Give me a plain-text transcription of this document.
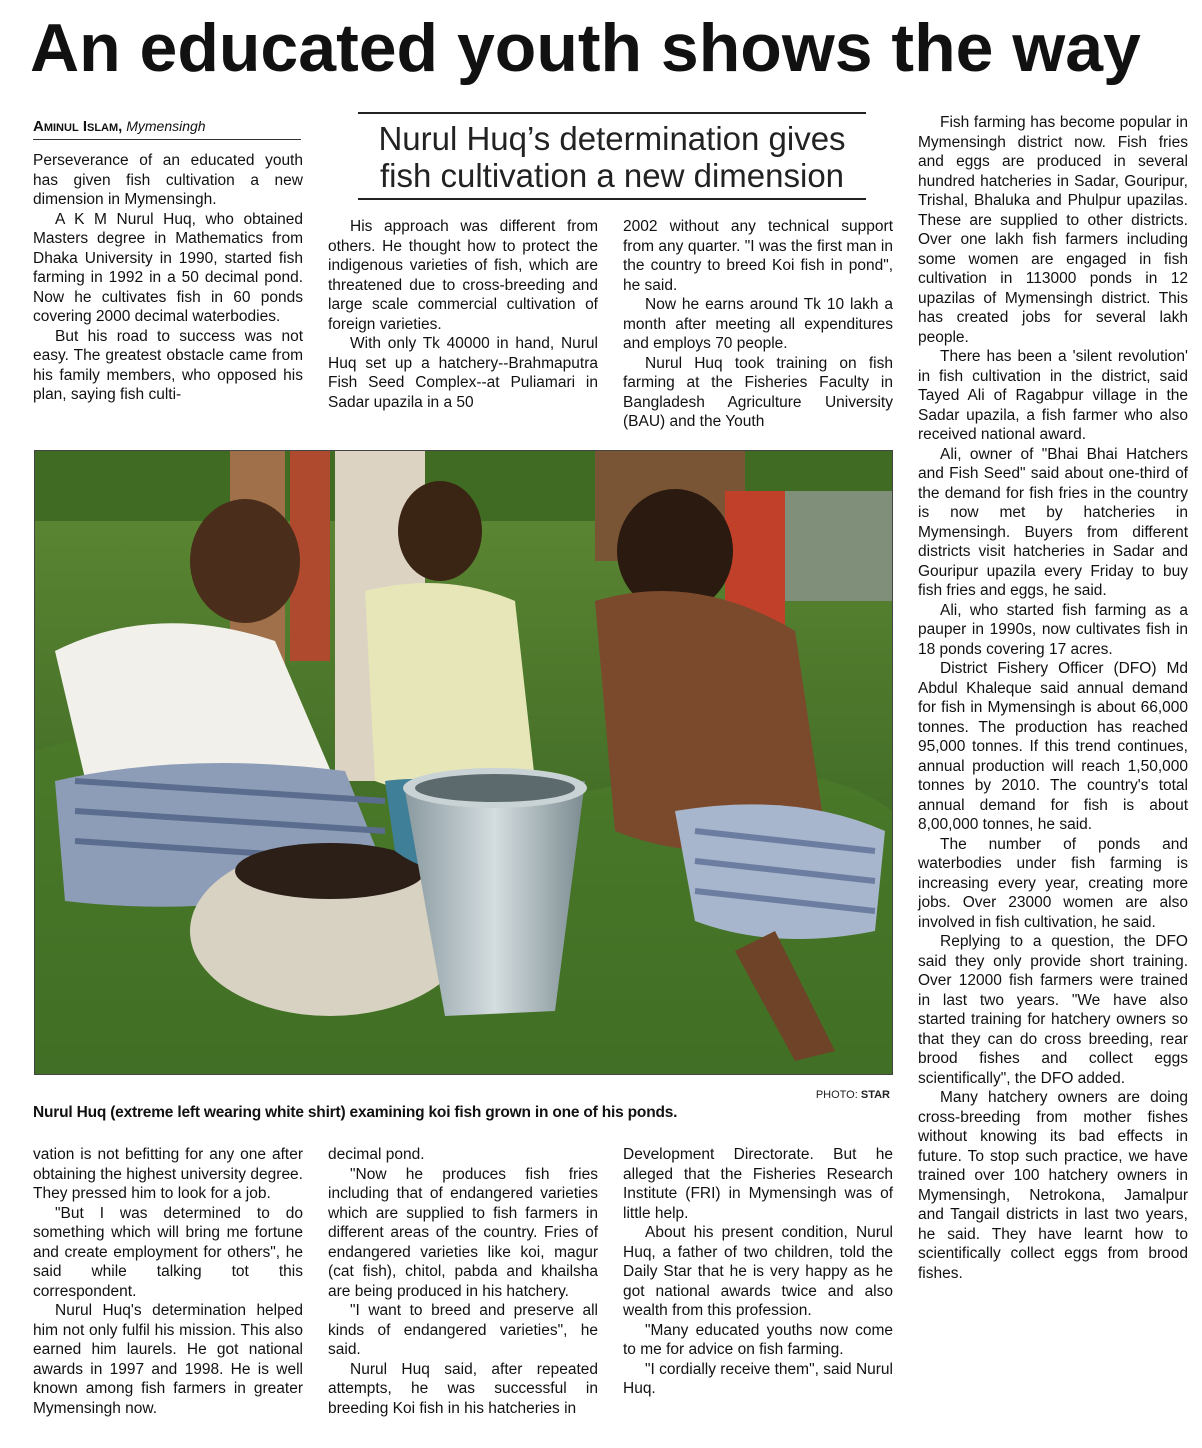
An educated youth shows the way
Aminul Islam, Mymensingh	Nurul Huq’s determination gives fish cultivation a new dimension

Perseverance of an educated youth has given fish cultivation a new dimension in Mymensingh.

A K M Nurul Huq, who obtained Masters degree in Mathematics from Dhaka University in 1990, started fish farming in 1992 in a 50 decimal pond. Now he cultivates fish in 60 ponds covering 2000 decimal waterbodies.

But his road to success was not easy. The greatest obstacle came from his family members, who opposed his plan, saying fish culti-

His approach was different from others. He thought how to protect the indigenous varieties of fish, which are threatened due to cross-breeding and large scale commercial cultivation of foreign varieties.

With only Tk 40000 in hand, Nurul Huq set up a hatchery--Brahmaputra Fish Seed Complex--at Puliamari in Sadar upazila in a 50

2002 without any technical support from any quarter. "I was the first man in the country to breed Koi fish in pond", he said.

Now he earns around Tk 10 lakh a month after meeting all expenditures and employs 70 people.

Nurul Huq took training on fish farming at the Fisheries Faculty in Bangladesh Agriculture University (BAU) and the Youth

PHOTO: STAR
Nurul Huq (extreme left wearing white shirt) examining koi fish grown in one of his ponds.

vation is not befitting for any one after obtaining the highest university degree. They pressed him to look for a job.

"But I was determined to do something which will bring me fortune and create employment for others", he said while talking tot this correspondent.

Nurul Huq's determination helped him not only fulfil his mission. This also earned him laurels. He got national awards in 1997 and 1998. He is well known among fish farmers in greater Mymensingh now.

decimal pond.

"Now he produces fish fries including that of endangered varieties which are supplied to fish farmers in different areas of the country. Fries of endangered varieties like koi, magur (cat fish), chitol, pabda and khailsha are being produced in his hatchery.

"I want to breed and preserve all kinds of endangered varieties", he said.

Nurul Huq said, after repeated attempts, he was successful in breeding Koi fish in his hatcheries in

Development Directorate. But he alleged that the Fisheries Research Institute (FRI) in Mymensingh was of little help.

About his present condition, Nurul Huq, a father of two children, told the Daily Star that he is very happy as he got national awards twice and also wealth from this profession.

"Many educated youths now come to me for advice on fish farming.

"I cordially receive them", said Nurul Huq.

Fish farming has become popular in Mymensingh district now. Fish fries and eggs are produced in several hundred hatcheries in Sadar, Gouripur, Trishal, Bhaluka and Phulpur upazilas. These are supplied to other districts. Over one lakh fish farmers including some women are engaged in fish cultivation in 113000 ponds in 12 upazilas of Mymensingh district. This has created jobs for several lakh people.

There has been a 'silent revolution' in fish cultivation in the district, said Tayed Ali of Ragabpur village in the Sadar upazila, a fish farmer who also received national award.

Ali, owner of "Bhai Bhai Hatchers and Fish Seed" said about one-third of the demand for fish fries in the country is now met by hatcheries in Mymensingh. Buyers from different districts visit hatcheries in Sadar and Gouripur upazila every Friday to buy fish fries and eggs, he said.

Ali, who started fish farming as a pauper in 1990s, now cultivates fish in 18 ponds covering 17 acres.

District Fishery Officer (DFO) Md Abdul Khaleque said annual demand for fish in Mymensingh is about 66,000 tonnes. The production has reached 95,000 tonnes. If this trend continues, annual production will reach 1,50,000 tonnes by 2010. The country's total annual demand for fish is about 8,00,000 tonnes, he said.

The number of ponds and waterbodies under fish farming is increasing every year, creating more jobs. Over 23000 women are also involved in fish cultivation, he said.

Replying to a question, the DFO said they only provide short training. Over 12000 fish farmers were trained in last two years. "We have also started training for hatchery owners so that they can do cross breeding, rear brood fishes and collect eggs scientifically", the DFO added.

Many hatchery owners are doing cross-breeding from mother fishes without knowing its bad effects in future. To stop such practice, we have trained over 100 hatchery owners in Mymensingh, Netrokona, Jamalpur and Tangail districts in last two years, he said. They have learnt how to scientifically collect eggs from brood fishes.
